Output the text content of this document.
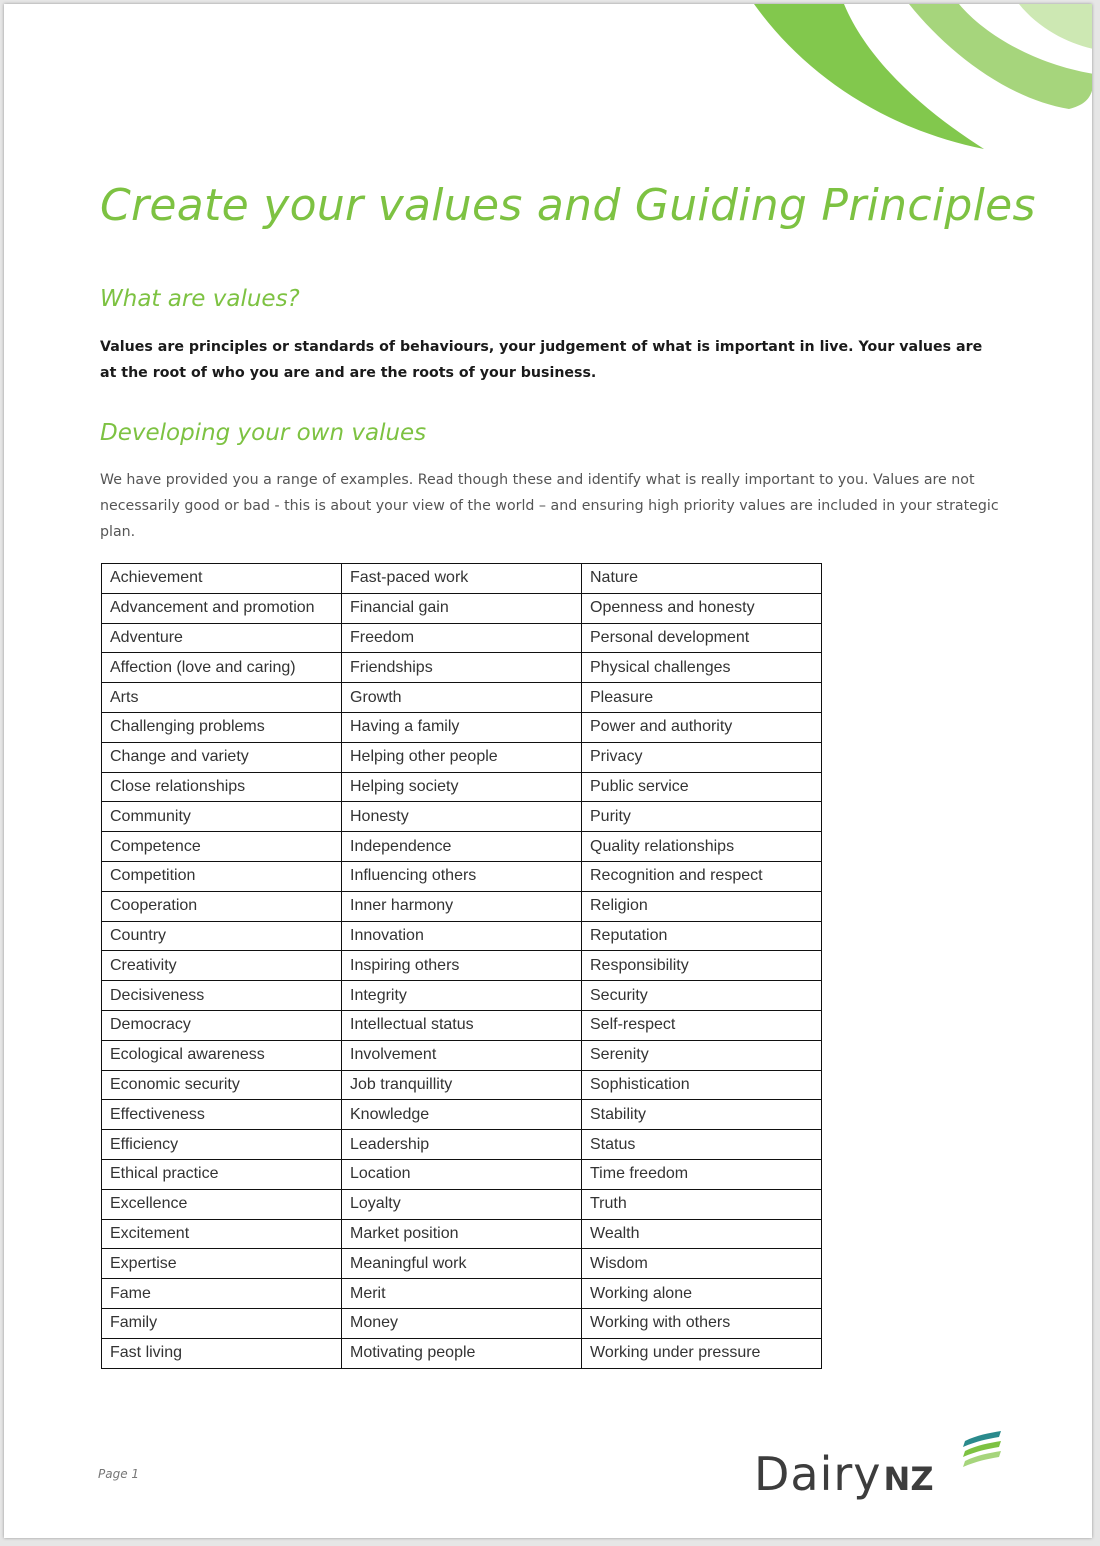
Create your values and Guiding Principles
What are values?

Values are principles or standards of behaviours, your judgement of what is important in live. Your values are at the root of who you are and are the roots of your business.

Developing your own values

We have provided you a range of examples. Read though these and identify what is really important to you. Values are not necessarily good or bad - this is about your view of the world – and ensuring high priority values are included in your strategic plan.

Achievement	Fast-paced work	Nature
Advancement and promotion	Financial gain	Openness and honesty
Adventure	Freedom	Personal development
Affection (love and caring)	Friendships	Physical challenges
Arts	Growth	Pleasure
Challenging problems	Having a family	Power and authority
Change and variety	Helping other people	Privacy
Close relationships	Helping society	Public service
Community	Honesty	Purity
Competence	Independence	Quality relationships
Competition	Influencing others	Recognition and respect
Cooperation	Inner harmony	Religion
Country	Innovation	Reputation
Creativity	Inspiring others	Responsibility
Decisiveness	Integrity	Security
Democracy	Intellectual status	Self-respect
Ecological awareness	Involvement	Serenity
Economic security	Job tranquillity	Sophistication
Effectiveness	Knowledge	Stability
Efficiency	Leadership	Status
Ethical practice	Location	Time freedom
Excellence	Loyalty	Truth
Excitement	Market position	Wealth
Expertise	Meaningful work	Wisdom
Fame	Merit	Working alone
Family	Money	Working with others
Fast living	Motivating people	Working under pressure
Page 1	Dairy NZ
